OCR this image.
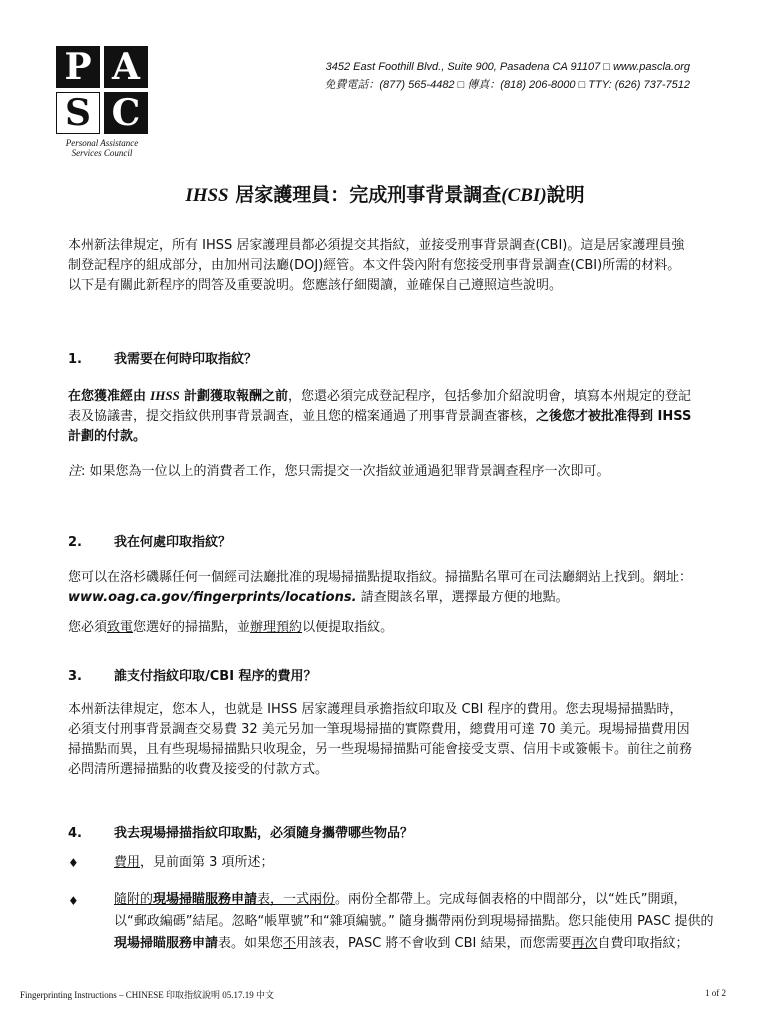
P A
S C
Personal Assistance
Services Council
3452 East Foothill Blvd., Suite 900, Pasadena CA 91107 □ www.pascla.org
免費電話：(877) 565-4482 □ 傳真：(818) 206-8000 □ TTY: (626) 737-7512
IHSS 居家護理員：完成刑事背景調查(CBI)說明
本州新法律規定，所有 IHSS 居家護理員都必須提交其指紋，並接受刑事背景調查(CBI)。這是居家護理員強制登記程序的組成部分，由加州司法廳(DOJ)經管。本文件袋內附有您接受刑事背景調查(CBI)所需的材料。以下是有關此新程序的問答及重要說明。您應該仔細閱讀，並確保自己遵照這些說明。
1. 我需要在何時印取指紋？
在您獲准經由 IHSS 計劃獲取報酬之前，您還必須完成登記程序，包括參加介紹說明會，填寫本州規定的登記表及協議書，提交指紋供刑事背景調查，並且您的檔案通過了刑事背景調查審核，之後您才被批准得到 IHSS 計劃的付款。
注: 如果您為一位以上的消費者工作，您只需提交一次指紋並通過犯罪背景調查程序一次即可。
2. 我在何處印取指紋？
您可以在洛杉磯縣任何一個經司法廳批准的現場掃描點提取指紋。掃描點名單可在司法廳網站上找到。網址：www.oag.ca.gov/fingerprints/locations. 請查閱該名單，選擇最方便的地點。
您必須致電您選好的掃描點，並辦理預約以便提取指紋。
3. 誰支付指紋印取/CBI 程序的費用？
本州新法律規定，您本人，也就是 IHSS 居家護理員承擔指紋印取及 CBI 程序的費用。您去現場掃描點時，必須支付刑事背景調查交易費 32 美元另加一筆現場掃描的實際費用，總費用可達 70 美元。現場掃描費用因掃描點而異，且有些現場掃描點只收現金，另一些現場掃描點可能會接受支票、信用卡或簽帳卡。前往之前務必問清所選掃描點的收費及接受的付款方式。
4. 我去現場掃描指紋印取點，必須隨身攜帶哪些物品？
♦	費用，見前面第 3 項所述；
♦	隨附的現場掃瞄服務申請表，一式兩份。兩份全都帶上。完成每個表格的中間部分，以“姓氏”開頭，以“郵政編碼”結尾。忽略“帳單號”和“雜項編號。” 隨身攜帶兩份到現場掃描點。您只能使用 PASC 提供的現場掃瞄服務申請表。如果您不用該表，PASC 將不會收到 CBI 結果，而您需要再次自費印取指紋；
Fingerprinting Instructions – CHINESE 印取指紋說明 05.17.19 中文	1 of 2
